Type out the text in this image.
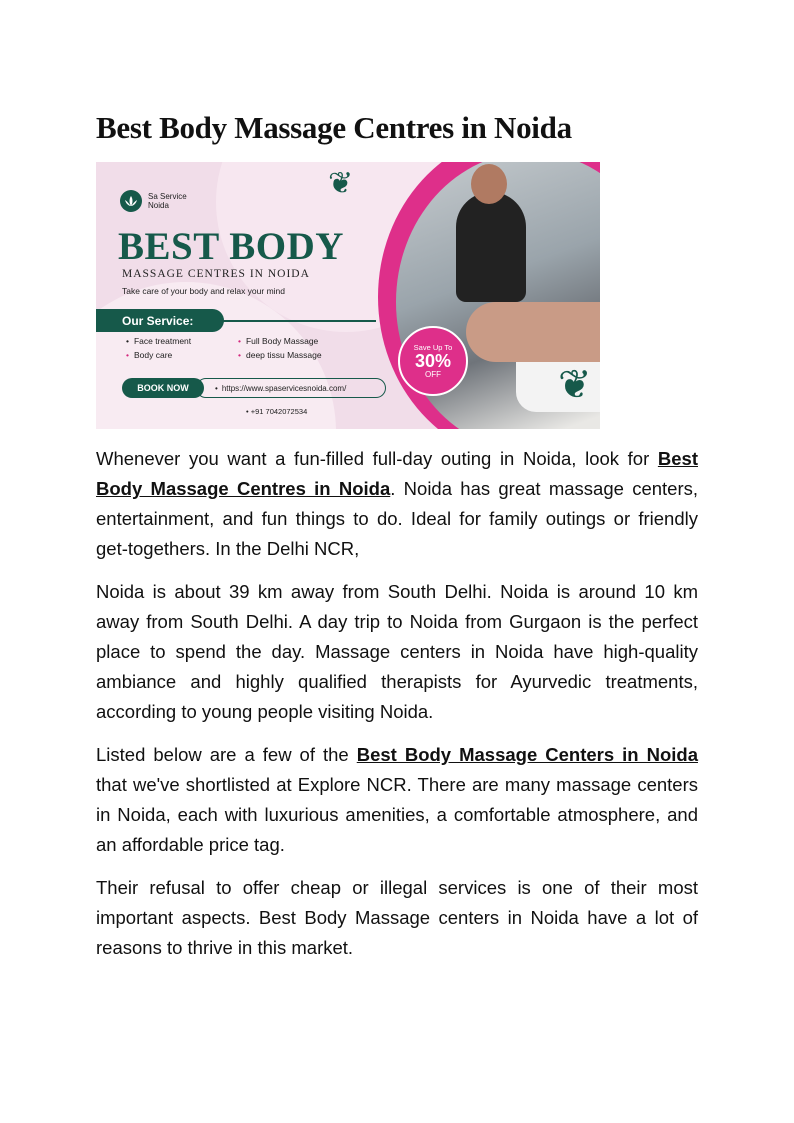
Best Body Massage Centres in Noida
Sa Service
Noida
BEST BODY
MASSAGE CENTRES IN NOIDA
Take care of your body and relax your mind
Our Service:
• Face treatment
• Body care
• Full Body Massage
• deep tissu Massage
• https://www.spaservicesnoida.com/
BOOK NOW
• +91 7042072534
❦
❦
Save Up To
30%
OFF

Whenever you want a fun-filled full-day outing in Noida, look for Best Body Massage Centres in Noida. Noida has great massage centers, entertainment, and fun things to do. Ideal for family outings or friendly get-togethers. In the Delhi NCR,

Noida is about 39 km away from South Delhi. Noida is around 10 km away from South Delhi. A day trip to Noida from Gurgaon is the perfect place to spend the day. Massage centers in Noida have high-quality ambiance and highly qualified therapists for Ayurvedic treatments, according to young people visiting Noida.

Listed below are a few of the Best Body Massage Centers in Noida that we've shortlisted at Explore NCR. There are many massage centers in Noida, each with luxurious amenities, a comfortable atmosphere, and an affordable price tag.

Their refusal to offer cheap or illegal services is one of their most important aspects. Best Body Massage centers in Noida have a lot of reasons to thrive in this market.
